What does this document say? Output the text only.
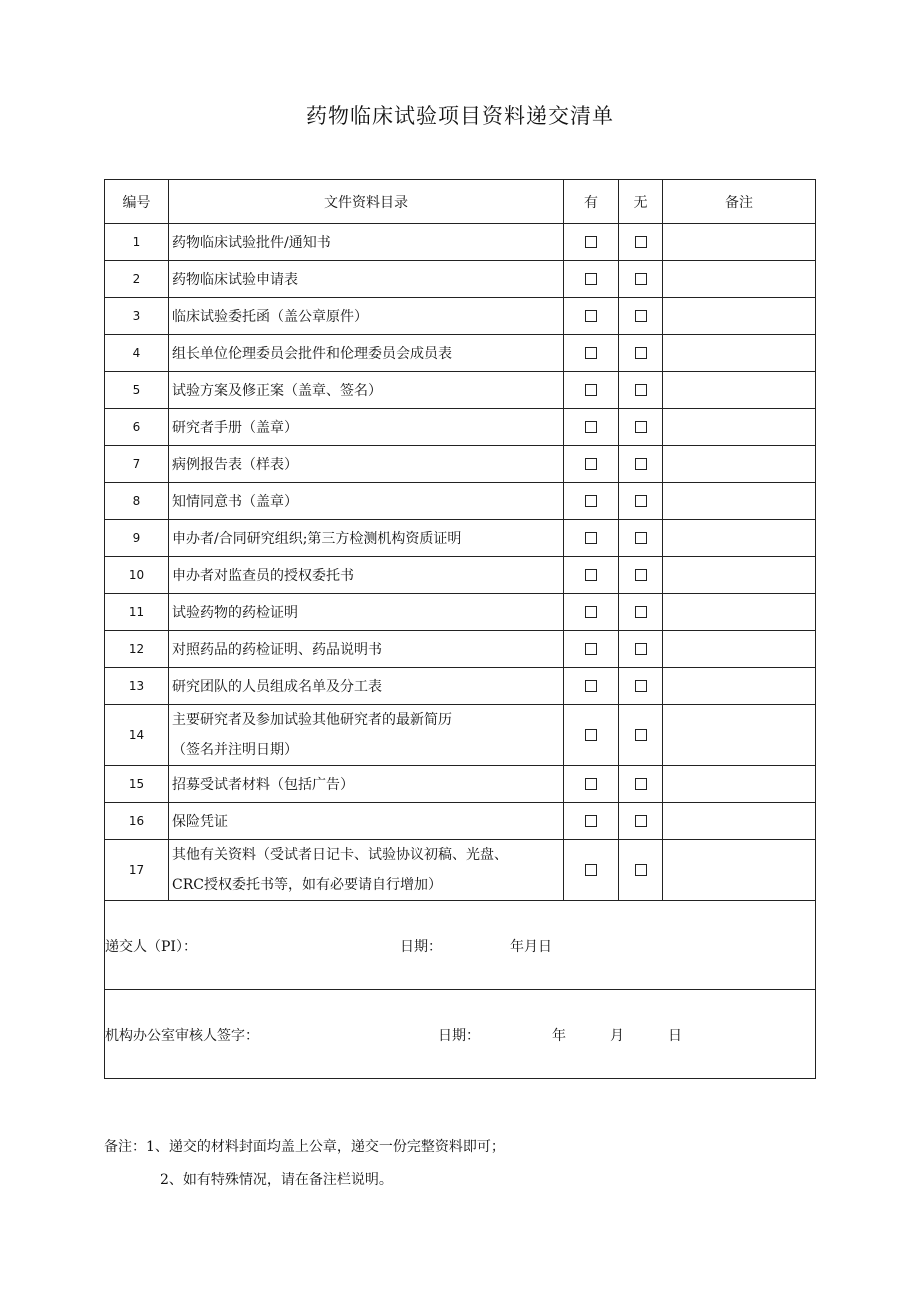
药物临床试验项目资料递交清单
编号	文件资料目录	有	无	备注
1	药物临床试验批件/通知书			
2	药物临床试验申请表			
3	临床试验委托函（盖公章原件）			
4	组长单位伦理委员会批件和伦理委员会成员表			
5	试验方案及修正案（盖章、签名）			
6	研究者手册（盖章）			
7	病例报告表（样表）			
8	知情同意书（盖章）			
9	申办者/合同研究组织;第三方检测机构资质证明			
10	申办者对监查员的授权委托书			
11	试验药物的药检证明			
12	对照药品的药检证明、药品说明书			
13	研究团队的人员组成名单及分工表			
14	主要研究者及参加试验其他研究者的最新简历
（签名并注明日期）			

15	招募受试者材料（包括广告）			
16	保险凭证			
17	其他有关资料（受试者日记卡、试验协议初稿、光盘、
CRC授权委托书等，如有必要请自行增加）			

递交人（PI）： 日期： 年月日				

机构办公室审核人签字： 日期： 年 月 日				
备注：1、递交的材料封面均盖上公章，递交一份完整资料即可；
2、如有特殊情况，请在备注栏说明。
